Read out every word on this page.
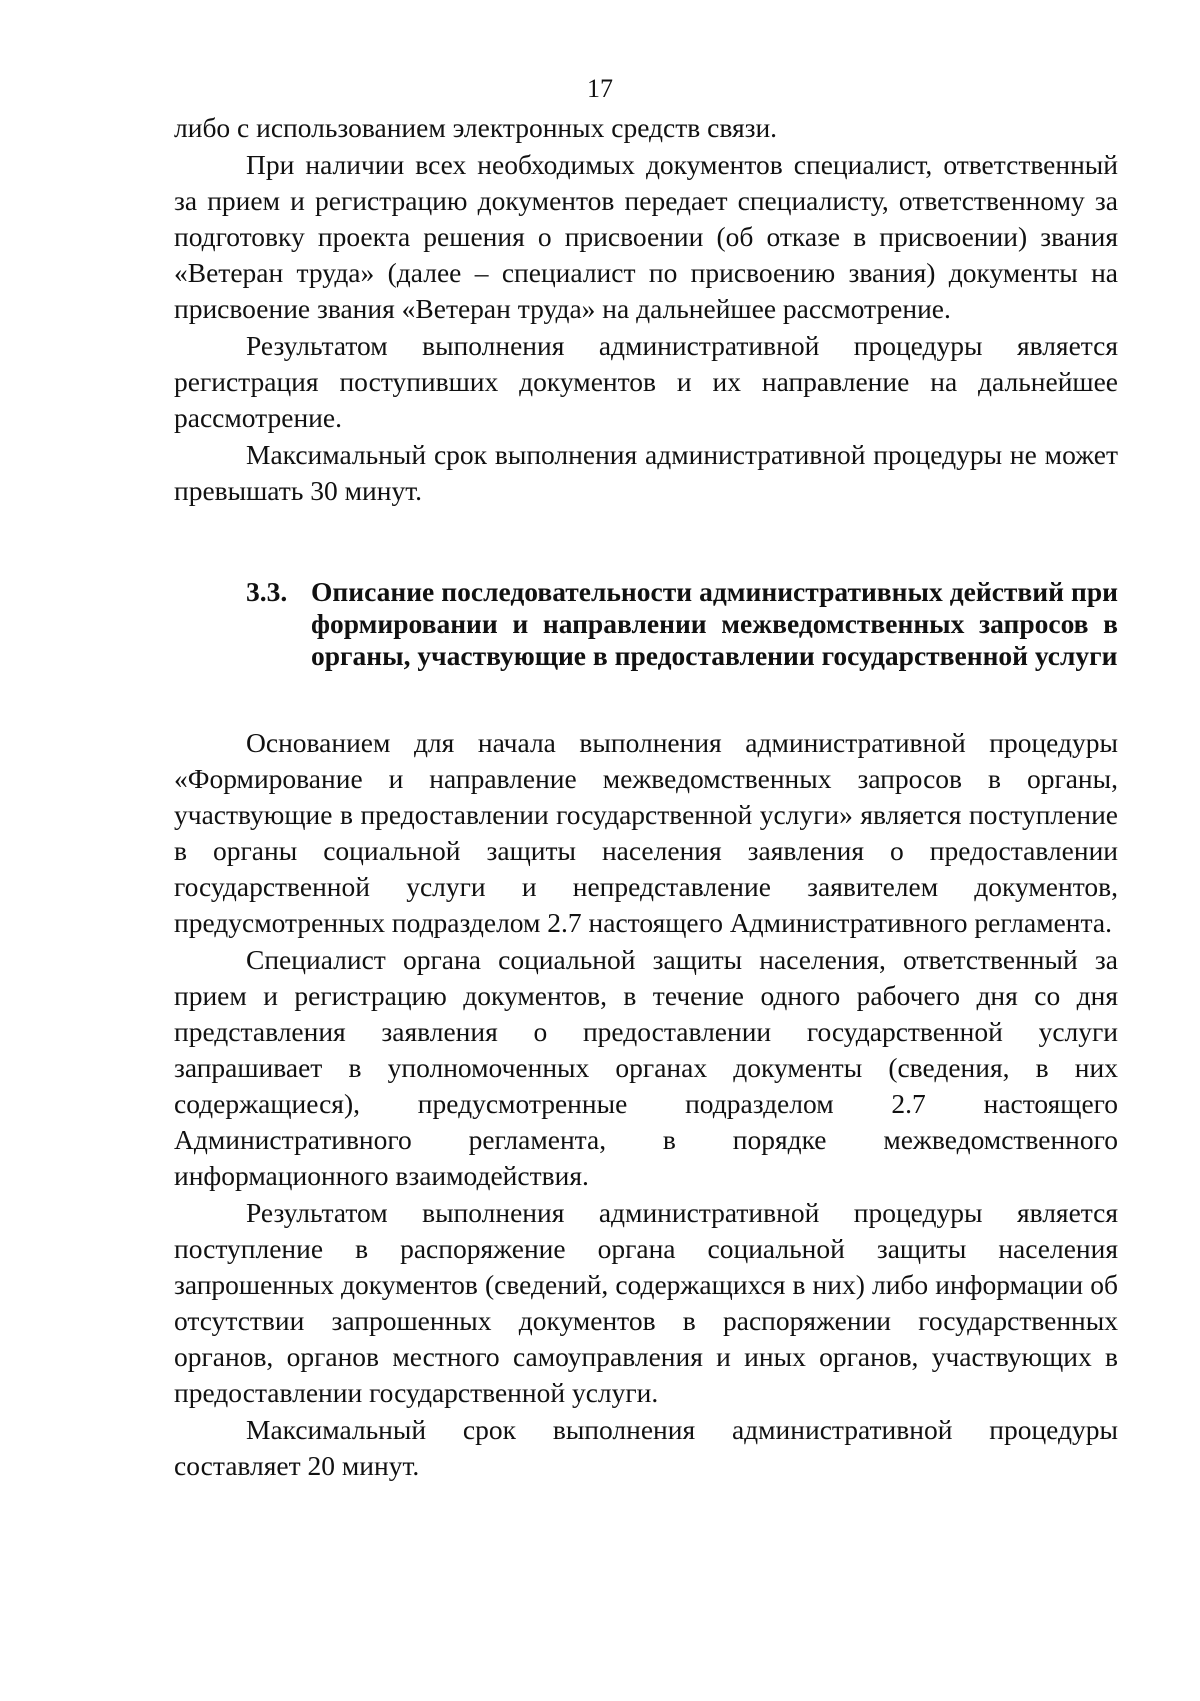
17

либо с использованием электронных средств связи.

При наличии всех необходимых документов специалист, ответственный за прием и регистрацию документов передает специалисту, ответственному за подготовку проекта решения о присвоении (об отказе в присвоении) звания «Ветеран труда» (далее – специалист по присвоению звания) документы на присвоение звания «Ветеран труда» на дальнейшее рассмотрение.

Результатом выполнения административной процедуры является регистрация поступивших документов и их направление на дальнейшее рассмотрение.

Максимальный срок выполнения административной процедуры не может превышать 30 минут.

3.3. Описание последовательности административных действий при формировании и направлении межведомственных запросов в органы, участвующие в предоставлении государственной услуги

Основанием для начала выполнения административной процедуры «Формирование и направление межведомственных запросов в органы, участвующие в предоставлении государственной услуги» является поступление в органы социальной защиты населения заявления о предоставлении государственной услуги и непредставление заявителем документов, предусмотренных подразделом 2.7 настоящего Административного регламента.

Специалист органа социальной защиты населения, ответственный за прием и регистрацию документов, в течение одного рабочего дня со дня представления заявления о предоставлении государственной услуги запрашивает в уполномоченных органах документы (сведения, в них содержащиеся), предусмотренные подразделом 2.7 настоящего Административного регламента, в порядке межведомственного информационного взаимодействия.

Результатом выполнения административной процедуры является поступление в распоряжение органа социальной защиты населения запрошенных документов (сведений, содержащихся в них) либо информации об отсутствии запрошенных документов в распоряжении государственных органов, органов местного самоуправления и иных органов, участвующих в предоставлении государственной услуги.

Максимальный срок выполнения административной процедуры составляет 20 минут.
